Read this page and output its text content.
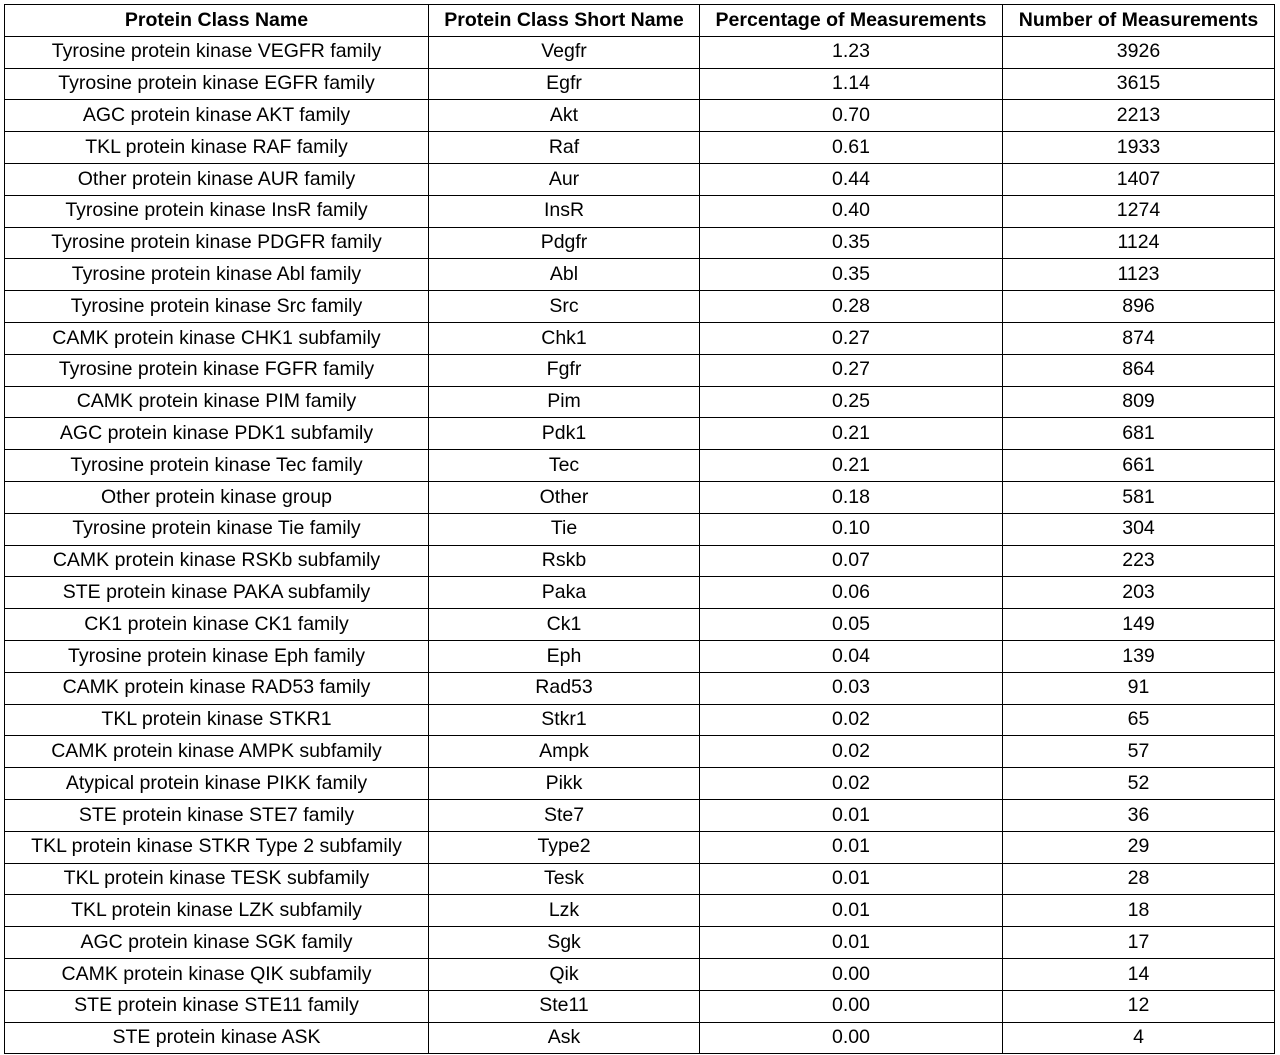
Protein Class Name	Protein Class Short Name	Percentage of Measurements	Number of Measurements
Tyrosine protein kinase VEGFR family	Vegfr	1.23	3926
Tyrosine protein kinase EGFR family	Egfr	1.14	3615
AGC protein kinase AKT family	Akt	0.70	2213
TKL protein kinase RAF family	Raf	0.61	1933
Other protein kinase AUR family	Aur	0.44	1407
Tyrosine protein kinase InsR family	InsR	0.40	1274
Tyrosine protein kinase PDGFR family	Pdgfr	0.35	1124
Tyrosine protein kinase Abl family	Abl	0.35	1123
Tyrosine protein kinase Src family	Src	0.28	896
CAMK protein kinase CHK1 subfamily	Chk1	0.27	874
Tyrosine protein kinase FGFR family	Fgfr	0.27	864
CAMK protein kinase PIM family	Pim	0.25	809
AGC protein kinase PDK1 subfamily	Pdk1	0.21	681
Tyrosine protein kinase Tec family	Tec	0.21	661
Other protein kinase group	Other	0.18	581
Tyrosine protein kinase Tie family	Tie	0.10	304
CAMK protein kinase RSKb subfamily	Rskb	0.07	223
STE protein kinase PAKA subfamily	Paka	0.06	203
CK1 protein kinase CK1 family	Ck1	0.05	149
Tyrosine protein kinase Eph family	Eph	0.04	139
CAMK protein kinase RAD53 family	Rad53	0.03	91
TKL protein kinase STKR1	Stkr1	0.02	65
CAMK protein kinase AMPK subfamily	Ampk	0.02	57
Atypical protein kinase PIKK family	Pikk	0.02	52
STE protein kinase STE7 family	Ste7	0.01	36
TKL protein kinase STKR Type 2 subfamily	Type2	0.01	29
TKL protein kinase TESK subfamily	Tesk	0.01	28
TKL protein kinase LZK subfamily	Lzk	0.01	18
AGC protein kinase SGK family	Sgk	0.01	17
CAMK protein kinase QIK subfamily	Qik	0.00	14
STE protein kinase STE11 family	Ste11	0.00	12
STE protein kinase ASK	Ask	0.00	4
